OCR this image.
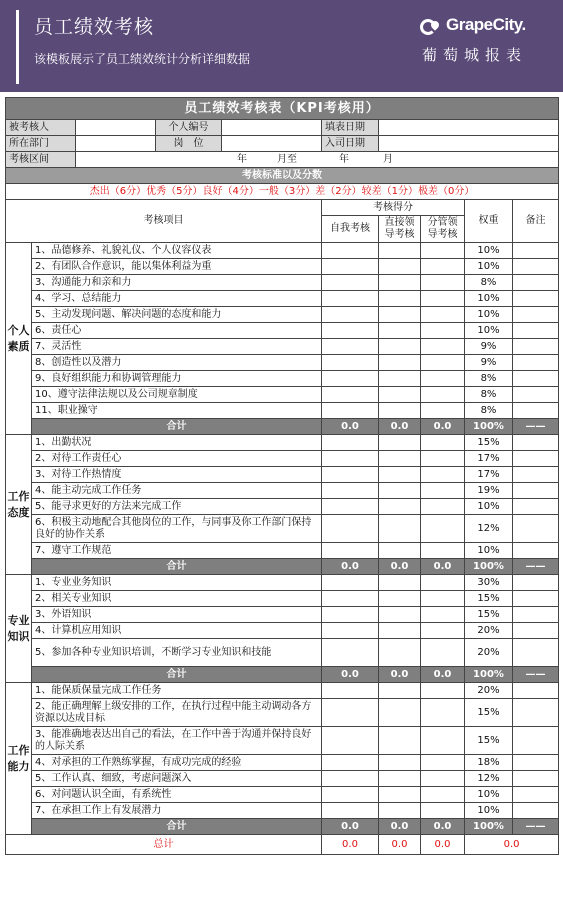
员工绩效考核
该模板展示了员工绩效统计分析详细数据
GrapeCity.
葡萄城报表
员工绩效考核表（KPI考核用）									
被考核人			个人编号		填表日期				
所在部门			岗　位		入司日期				
考核区间		年 月至 年 月							
考核标准以及分数									
杰出（6分）优秀（5分）良好（4分）一般（3分）差（2分）较差（1分）极差（0分）									
考核项目					考核得分			权重	备注
					自我考核	直接领导考核	分管领导考核		
个人素质	1、品德修养、礼貌礼仪、个人仪容仪表							10%	
	2、有团队合作意识，能以集体利益为重							10%	
	3、沟通能力和亲和力							8%	
	4、学习、总结能力							10%	
	5、主动发现问题、解决问题的态度和能力							10%	
	6、责任心							10%	
	7、灵活性							9%	
	8、创造性以及潜力							9%	
	9、良好组织能力和协调管理能力							8%	
	10、遵守法律法规以及公司规章制度							8%	
	11、职业操守							8%	
	合计				0.0	0.0	0.0	100%	——
工作态度	1、出勤状况							15%	
	2、对待工作责任心							17%	
	3、对待工作热情度							17%	
	4、能主动完成工作任务							19%	
	5、能寻求更好的方法来完成工作							10%	
	6、积极主动地配合其他岗位的工作，与同事及你工作部门保持良好的协作关系							12%	
	7、遵守工作规范							10%	
	合计				0.0	0.0	0.0	100%	——
专业知识	1、专业业务知识							30%	
	2、相关专业知识							15%	
	3、外语知识							15%	
	4、计算机应用知识							20%	
	5、参加各种专业知识培训，不断学习专业知识和技能							20%	
	合计				0.0	0.0	0.0	100%	——
工作能力	1、能保质保量完成工作任务							20%	
	2、能正确理解上级安排的工作，在执行过程中能主动调动各方资源以达成目标							15%	
	3、能准确地表达出自己的看法，在工作中善于沟通并保持良好的人际关系							15%	
	4、对承担的工作熟练掌握，有成功完成的经验							18%	
	5、工作认真、细致，考虑问题深入							12%	
	6、对问题认识全面，有系统性							10%	
	7、在承担工作上有发展潜力							10%	
	合计				0.0	0.0	0.0	100%	——
总计					0.0	0.0	0.0	0.0	
